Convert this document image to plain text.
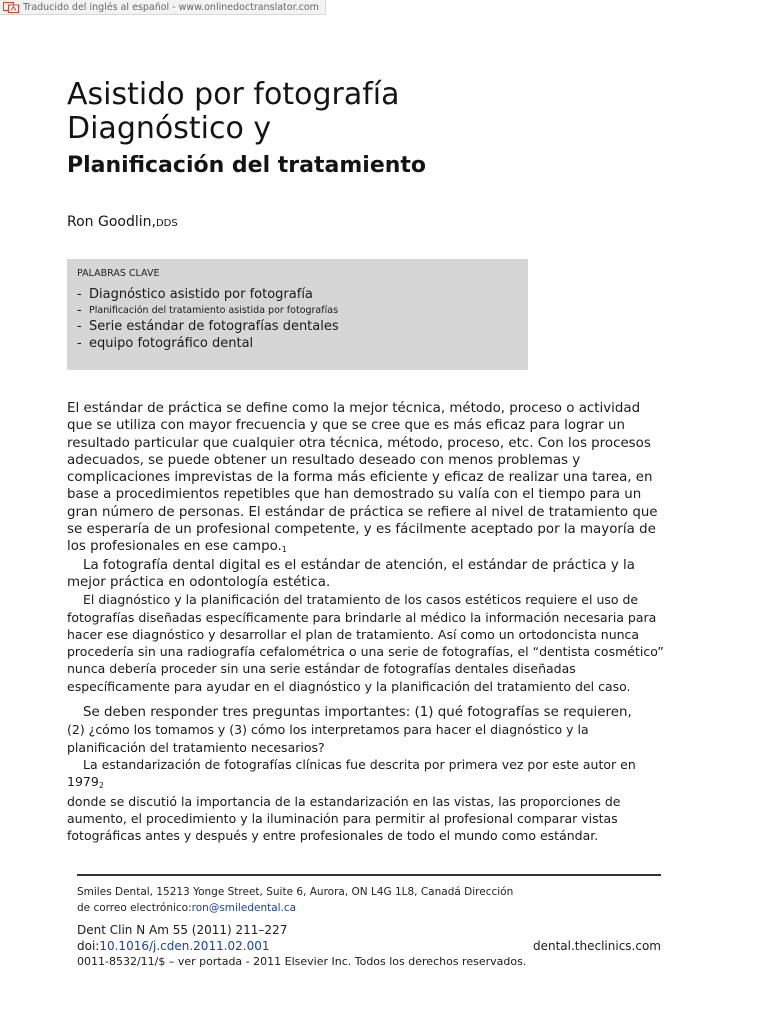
Traducido del inglés al español - www.onlinedoctranslator.com
Asistido por fotografía
Diagnóstico y
Planificación del tratamiento
Ron Goodlin,DDS
PALABRAS CLAVE
- Diagnóstico asistido por fotografía
- Planificación del tratamiento asistida por fotografías
- Serie estándar de fotografías dentales
- equipo fotográfico dental

El estándar de práctica se define como la mejor técnica, método, proceso o actividad que se utiliza con mayor frecuencia y que se cree que es más eficaz para lograr un resultado particular que cualquier otra técnica, método, proceso, etc. Con los procesos adecuados, se puede obtener un resultado deseado con menos problemas y complicaciones imprevistas de la forma más eficiente y eficaz de realizar una tarea, en base a procedimientos repetibles que han demostrado su valía con el tiempo para un gran número de personas. El estándar de práctica se refiere al nivel de tratamiento que se esperaría de un profesional competente, y es fácilmente aceptado por la mayoría de los profesionales en ese campo.$^1$

La fotografía dental digital es el estándar de atención, el estándar de práctica y la mejor práctica en odontología estética.

El diagnóstico y la planificación del tratamiento de los casos estéticos requiere el uso de fotografías diseñadas específicamente para brindarle al médico la información necesaria para hacer ese diagnóstico y desarrollar el plan de tratamiento. Así como un ortodoncista nunca procedería sin una radiografía cefalométrica o una serie de fotografías, el “dentista cosmético” nunca debería proceder sin una serie estándar de fotografías dentales diseñadas específicamente para ayudar en el diagnóstico y la planificación del tratamiento del caso.

Se deben responder tres preguntas importantes: (1) qué fotografías se requieren,

(2) ¿cómo los tomamos y (3) cómo los interpretamos para hacer el diagnóstico y la planificación del tratamiento necesarios?

La estandarización de fotografías clínicas fue descrita por primera vez por este autor en 1979$^2$

donde se discutió la importancia de la estandarización en las vistas, las proporciones de aumento, el procedimiento y la iluminación para permitir al profesional comparar vistas fotográficas antes y después y entre profesionales de todo el mundo como estándar.

Smiles Dental, 15213 Yonge Street, Suite 6, Aurora, ON L4G 1L8, Canadá Dirección de correo electrónico:ron@smiledental.ca
Dent Clin N Am 55 (2011) 211–227
doi:10.1016/j.cden.2011.02.001
0011-8532/11/$ – ver portada - 2011 Elsevier Inc. Todos los derechos reservados.
dental.theclinics.com
